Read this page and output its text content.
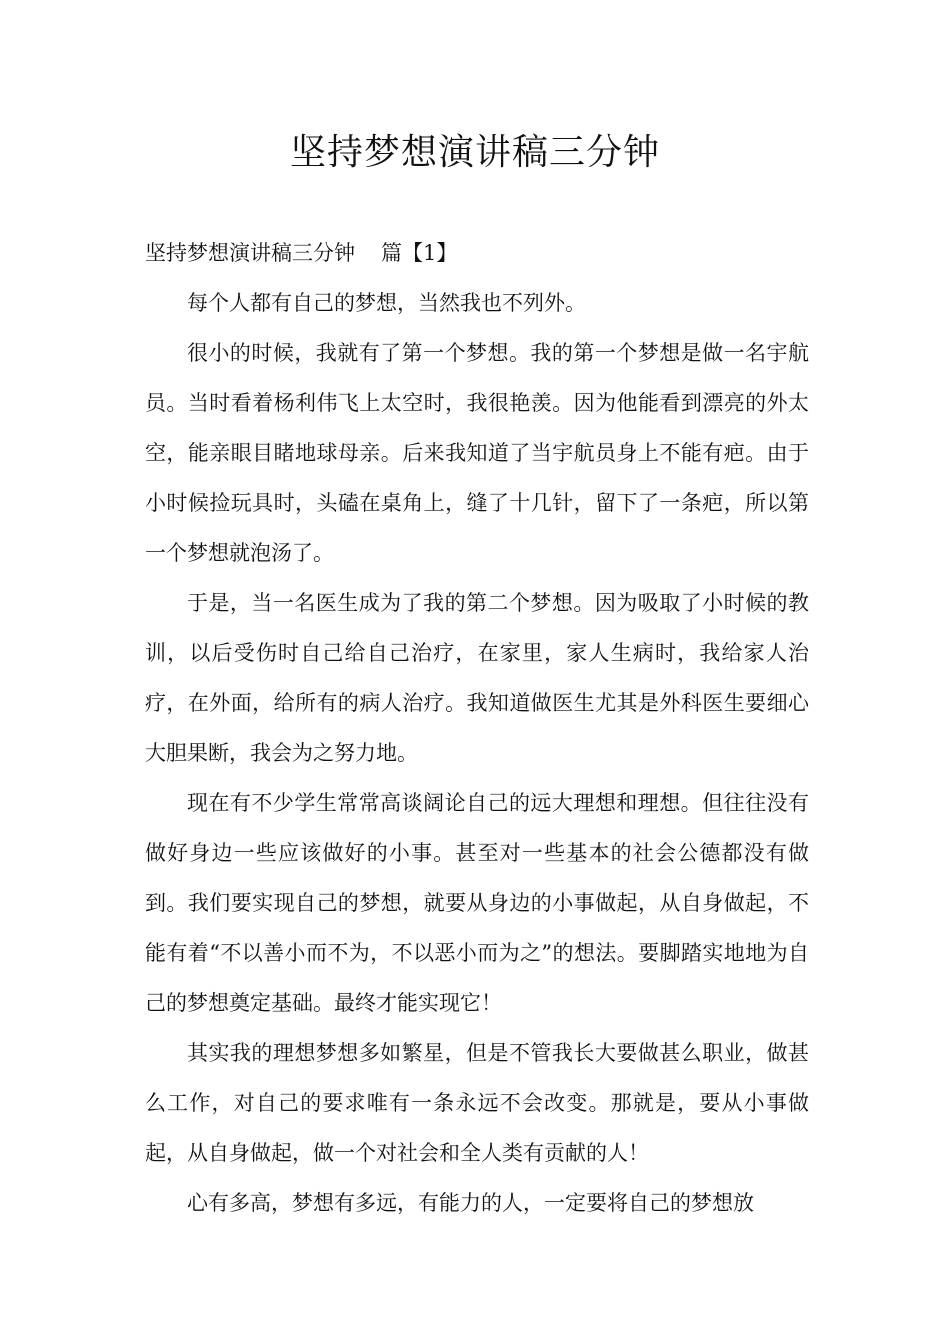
坚持梦想演讲稿三分钟

坚持梦想演讲稿三分钟 篇【1】

每个人都有自己的梦想，当然我也不列外。

很小的时候，我就有了第一个梦想。我的第一个梦想是做一名宇航员。当时看着杨利伟飞上太空时，我很艳羡。因为他能看到漂亮的外太空，能亲眼目睹地球母亲。后来我知道了当宇航员身上不能有疤。由于小时候捡玩具时，头磕在桌角上，缝了十几针，留下了一条疤，所以第一个梦想就泡汤了。

于是，当一名医生成为了我的第二个梦想。因为吸取了小时候的教训，以后受伤时自己给自己治疗，在家里，家人生病时，我给家人治疗，在外面，给所有的病人治疗。我知道做医生尤其是外科医生要细心大胆果断，我会为之努力地。

现在有不少学生常常高谈阔论自己的远大理想和理想。但往往没有做好身边一些应该做好的小事。甚至对一些基本的社会公德都没有做到。我们要实现自己的梦想，就要从身边的小事做起，从自身做起，不能有着“不以善小而不为，不以恶小而为之”的想法。要脚踏实地地为自己的梦想奠定基础。最终才能实现它！

其实我的理想梦想多如繁星，但是不管我长大要做甚么职业，做甚么工作，对自己的要求唯有一条永远不会改变。那就是，要从小事做起，从自身做起，做一个对社会和全人类有贡献的人！

心有多高，梦想有多远，有能力的人，一定要将自己的梦想放
